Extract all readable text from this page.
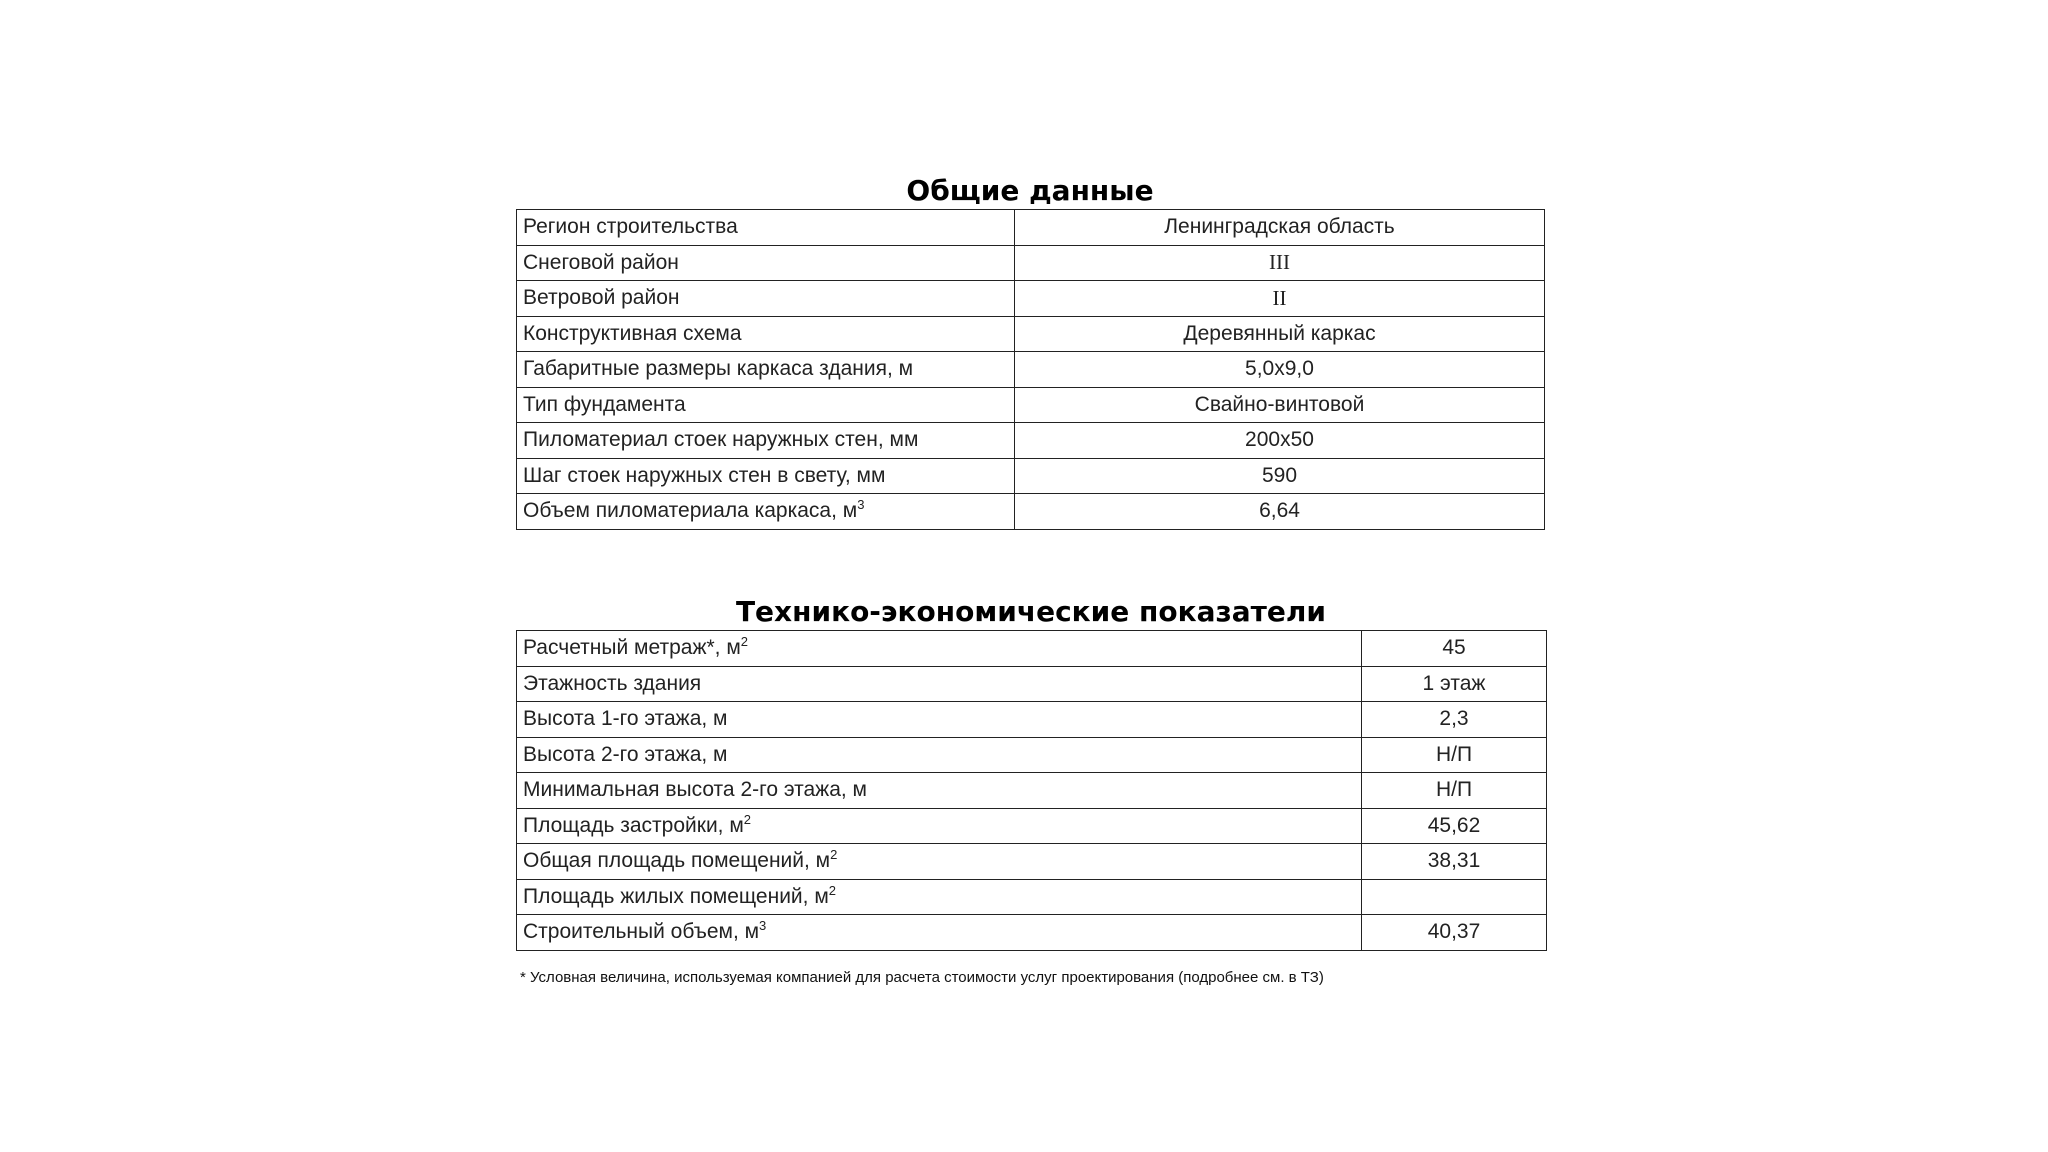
Общие данные
Регион строительства	Ленинградская область
Снеговой район	III
Ветровой район	II
Конструктивная схема	Деревянный каркас
Габаритные размеры каркаса здания, м	5,0x9,0
Тип фундамента	Свайно-винтовой
Пиломатериал стоек наружных стен, мм	200x50
Шаг стоек наружных стен в свету, мм	590
Объем пиломатериала каркаса, $м^3$	6,64
Технико-экономические показатели
Расчетный метраж*, $м^2$	45
Этажность здания	1 этаж
Высота 1-го этажа, м	2,3
Высота 2-го этажа, м	Н/П
Минимальная высота 2-го этажа, м	Н/П
Площадь застройки, $м^2$	45,62
Общая площадь помещений, $м^2$	38,31
Площадь жилых помещений, $м^2$	
Строительный объем, $м^3$	40,37
* Условная величина, используемая компанией для расчета стоимости услуг проектирования (подробнее см. в ТЗ)
